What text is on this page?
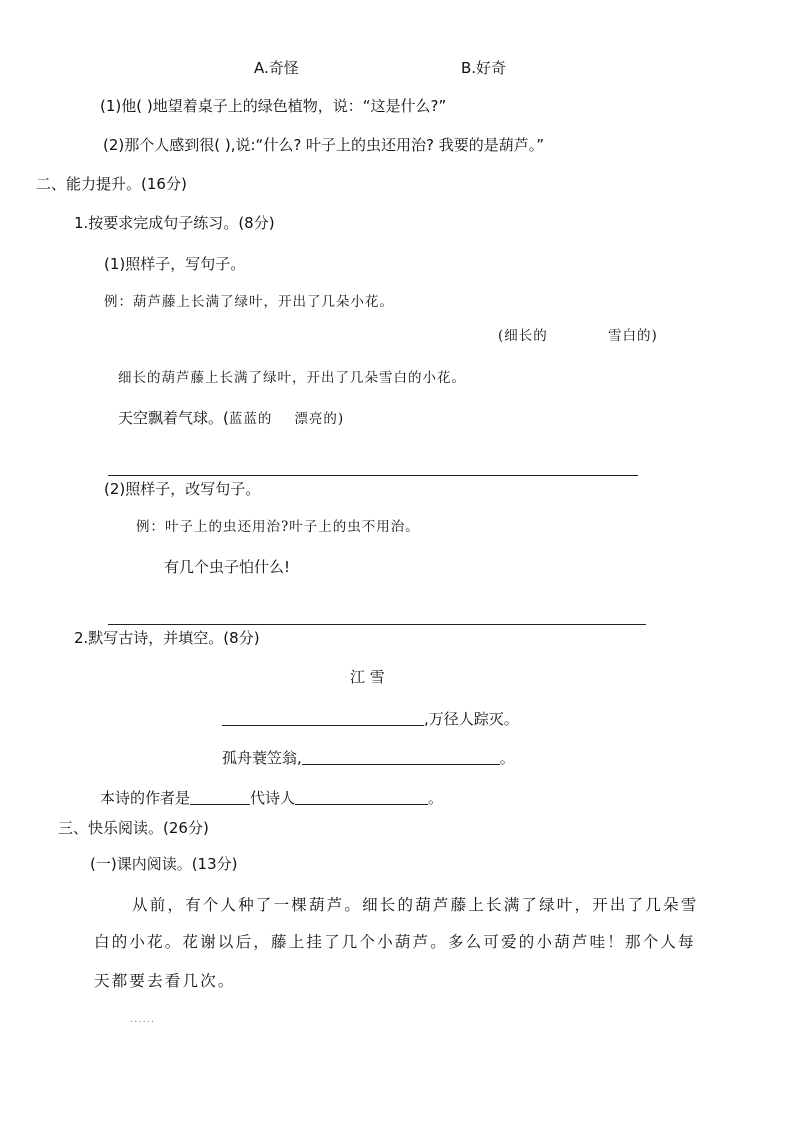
A.奇怪	B.好奇
(1)他( )地望着桌子上的绿色植物，说：“这是什么?”
(2)那个人感到很( ),说:“什么? 叶子上的虫还用治? 我要的是葫芦。”
二、能力提升。(16分)
1.按要求完成句子练习。(8分)
(1)照样子，写句子。
例：葫芦藤上长满了绿叶，开出了几朵小花。
(细长的	雪白的)
细长的葫芦藤上长满了绿叶，开出了几朵雪白的小花。
天空飘着气球。(蓝蓝的 漂亮的)
(2)照样子，改写句子。
例：叶子上的虫还用治?叶子上的虫不用治。
有几个虫子怕什么!
2.默写古诗，并填空。(8分)
江 雪
,万径人踪灭。
孤舟蓑笠翁,	。
本诗的作者是	代诗人	。
三、快乐阅读。(26分)
(一)课内阅读。(13分)
从前，有个人种了一棵葫芦。细长的葫芦藤上长满了绿叶，开出了几朵雪
白的小花。花谢以后，藤上挂了几个小葫芦。多么可爱的小葫芦哇！那个人每
天都要去看几次。
......
